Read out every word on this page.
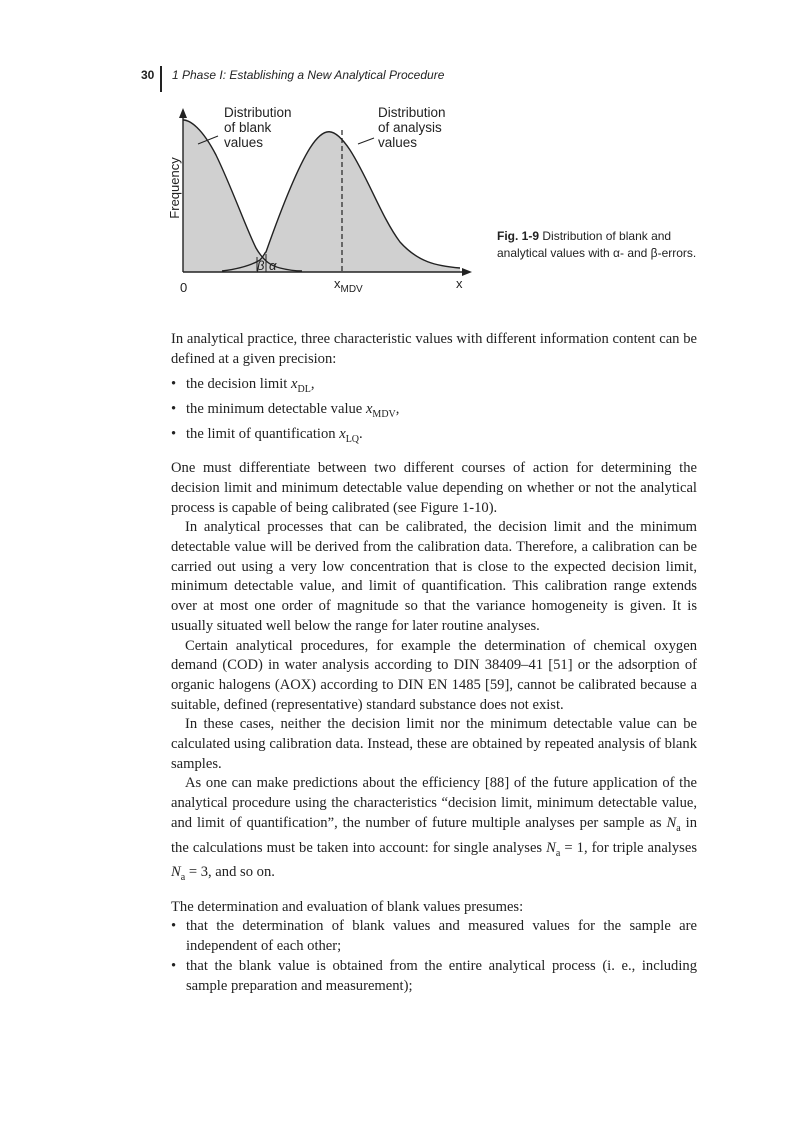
30 1 Phase I: Establishing a New Analytical Procedure
Frequency
Distribution
of blank
values
Distribution
of analysis
values
β α
0	$x_{MDV}$	x
Fig. 1-9 Distribution of blank and analytical values with α- and β-errors.

In analytical practice, three characteristic values with different information content can be defined at a given precision:

• the decision limit $x_{DL}$,
• the minimum detectable value $x_{MDV}$,
• the limit of quantification $x_{LQ}$.

One must differentiate between two different courses of action for determining the decision limit and minimum detectable value depending on whether or not the analytical process is capable of being calibrated (see Figure 1-10).

In analytical processes that can be calibrated, the decision limit and the minimum detectable value will be derived from the calibration data. Therefore, a calibration can be carried out using a very low concentration that is close to the expected decision limit, minimum detectable value, and limit of quantification. This calibration range extends over at most one order of magnitude so that the variance homogeneity is given. It is usually situated well below the range for later routine analyses.

Certain analytical procedures, for example the determination of chemical oxygen demand (COD) in water analysis according to DIN 38409–41 [51] or the adsorption of organic halogens (AOX) according to DIN EN 1485 [59], cannot be calibrated because a suitable, defined (representative) standard substance does not exist.

In these cases, neither the decision limit nor the minimum detectable value can be calculated using calibration data. Instead, these are obtained by repeated analysis of blank samples.

As one can make predictions about the efficiency [88] of the future application of the analytical procedure using the characteristics “decision limit, minimum detectable value, and limit of quantification”, the number of future multiple analyses per sample as $N_a$ in the calculations must be taken into account: for single analyses $N_a = 1$, for triple analyses $N_a = 3$, and so on.

The determination and evaluation of blank values presumes:

• that the determination of blank values and measured values for the sample are independent of each other;
• that the blank value is obtained from the entire analytical process (i. e., including sample preparation and measurement);
